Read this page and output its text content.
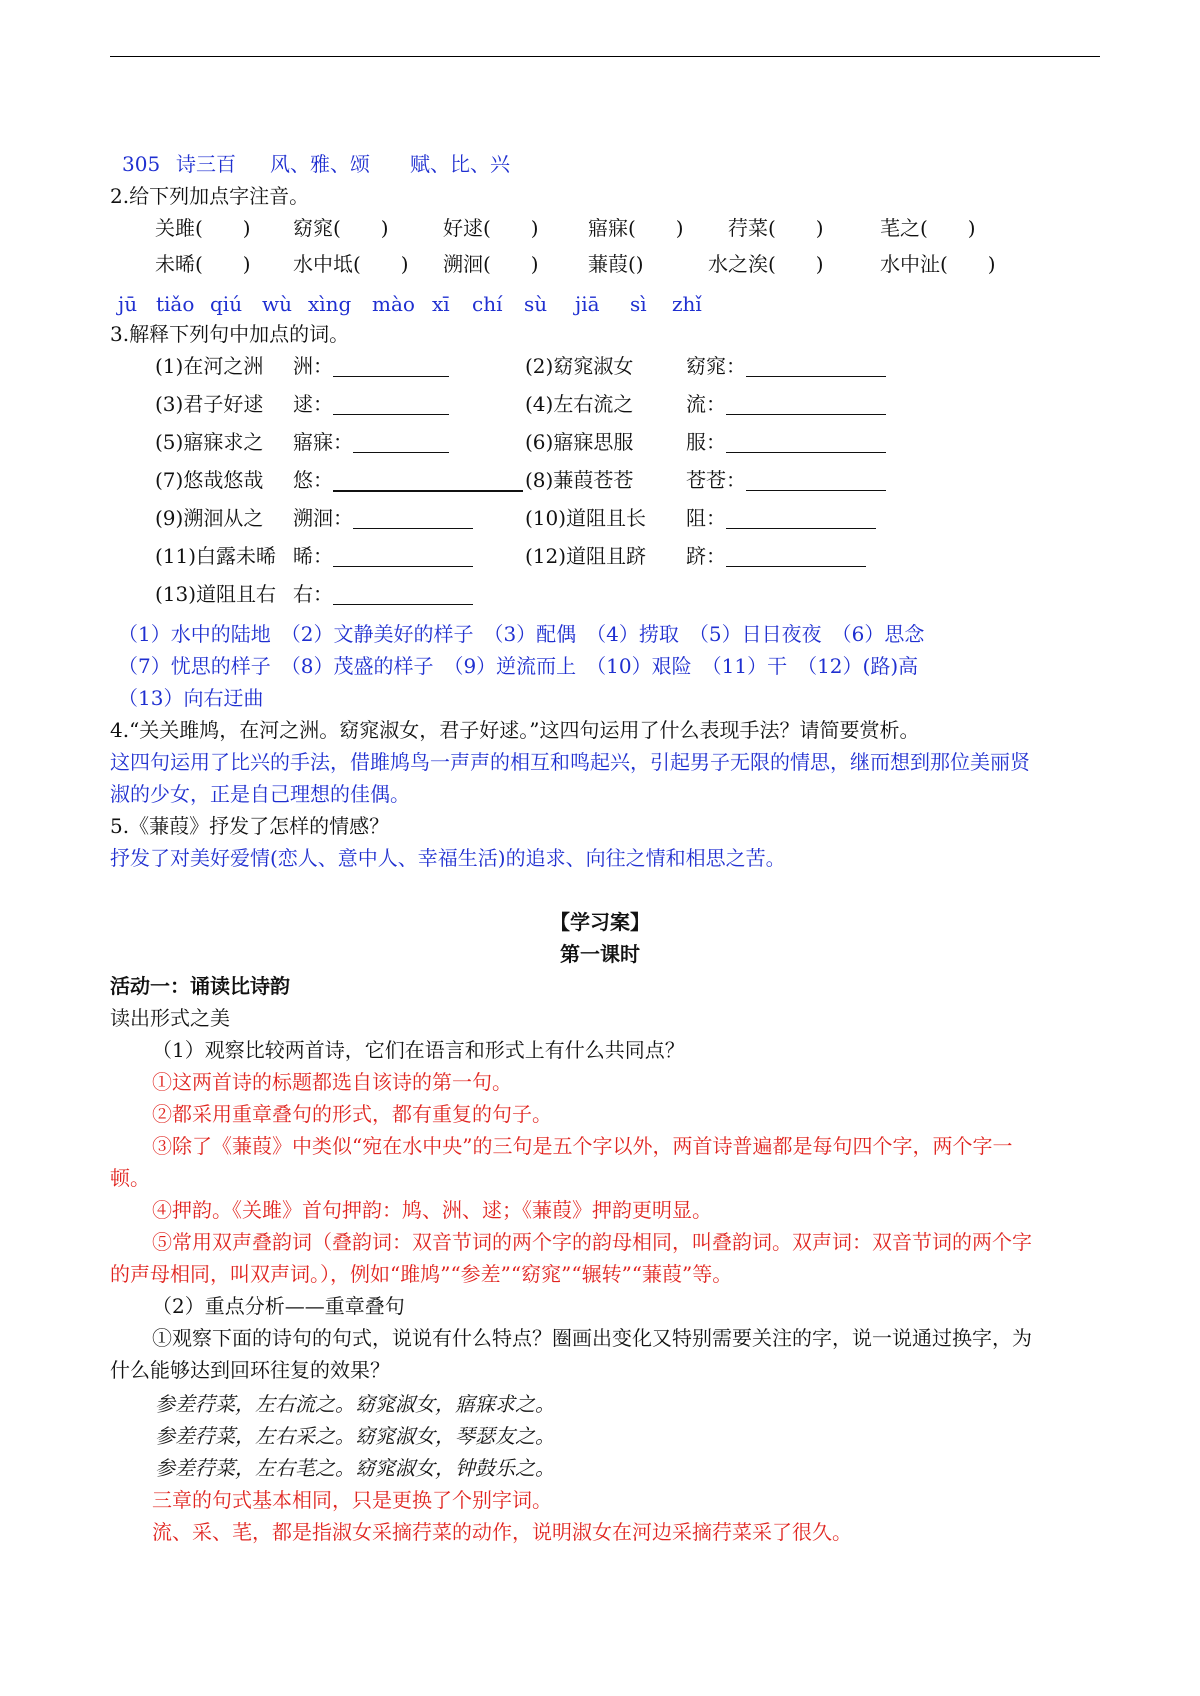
305 诗三百 风、雅、颂 赋、比、兴
2.给下列加点字注音。
关雎(　　) 窈窕(　　)	好逑(　　) 寤寐(　　) 荇菜(　　)	芼之(　　)
未晞(　　) 水中坻(　　) 溯洄(　　) 蒹葭()	水之涘(　　)	水中沚(　　)
jū tiǎo qiú wù xìng mào xī chí sù jiā sì zhǐ
3.解释下列句中加点的词。
(1)在河之洲 洲：	(2)窈窕淑女	窈窕：
(3)君子好逑 逑：	(4)左右流之	流：
(5)寤寐求之 寤寐：	(6)寤寐思服	服：
(7)悠哉悠哉 悠：	(8)蒹葭苍苍	苍苍：
(9)溯洄从之 溯洄：	(10)道阻且长 阻：
(11)白露未晞 晞：	(12)道阻且跻 跻：
(13)道阻且右 右：
（1）水中的陆地　（2）文静美好的样子　（3）配偶　（4）捞取　（5）日日夜夜　（6）思念
（7）忧思的样子　（8）茂盛的样子　（9）逆流而上　（10）艰险　（11）干　（12）(路)高
（13）向右迂曲
4.“关关雎鸠，在河之洲。窈窕淑女，君子好逑。”这四句运用了什么表现手法？请简要赏析。
这四句运用了比兴的手法，借雎鸠鸟一声声的相互和鸣起兴，引起男子无限的情思，继而想到那位美丽贤
淑的少女，正是自己理想的佳偶。
5.《蒹葭》抒发了怎样的情感？
抒发了对美好爱情(恋人、意中人、幸福生活)的追求、向往之情和相思之苦。
【学习案】
第一课时
活动一：诵读比诗韵
读出形式之美
（1）观察比较两首诗，它们在语言和形式上有什么共同点？
①这两首诗的标题都选自该诗的第一句。
②都采用重章叠句的形式，都有重复的句子。
③除了《蒹葭》中类似“宛在水中央”的三句是五个字以外，两首诗普遍都是每句四个字，两个字一
顿。
④押韵。《关雎》首句押韵：鸠、洲、逑；《蒹葭》押韵更明显。
⑤常用双声叠韵词（叠韵词：双音节词的两个字的韵母相同，叫叠韵词。双声词：双音节词的两个字
的声母相同，叫双声词。），例如“雎鸠”“参差”“窈窕”“辗转”“蒹葭”等。
（2）重点分析——重章叠句
①观察下面的诗句的句式，说说有什么特点？圈画出变化又特别需要关注的字，说一说通过换字，为
什么能够达到回环往复的效果？
参差荇菜，左右流之。窈窕淑女，寤寐求之。
参差荇菜，左右采之。窈窕淑女，琴瑟友之。
参差荇菜，左右芼之。窈窕淑女，钟鼓乐之。
三章的句式基本相同，只是更换了个别字词。
流、采、芼，都是指淑女采摘荇菜的动作，说明淑女在河边采摘荇菜采了很久。
